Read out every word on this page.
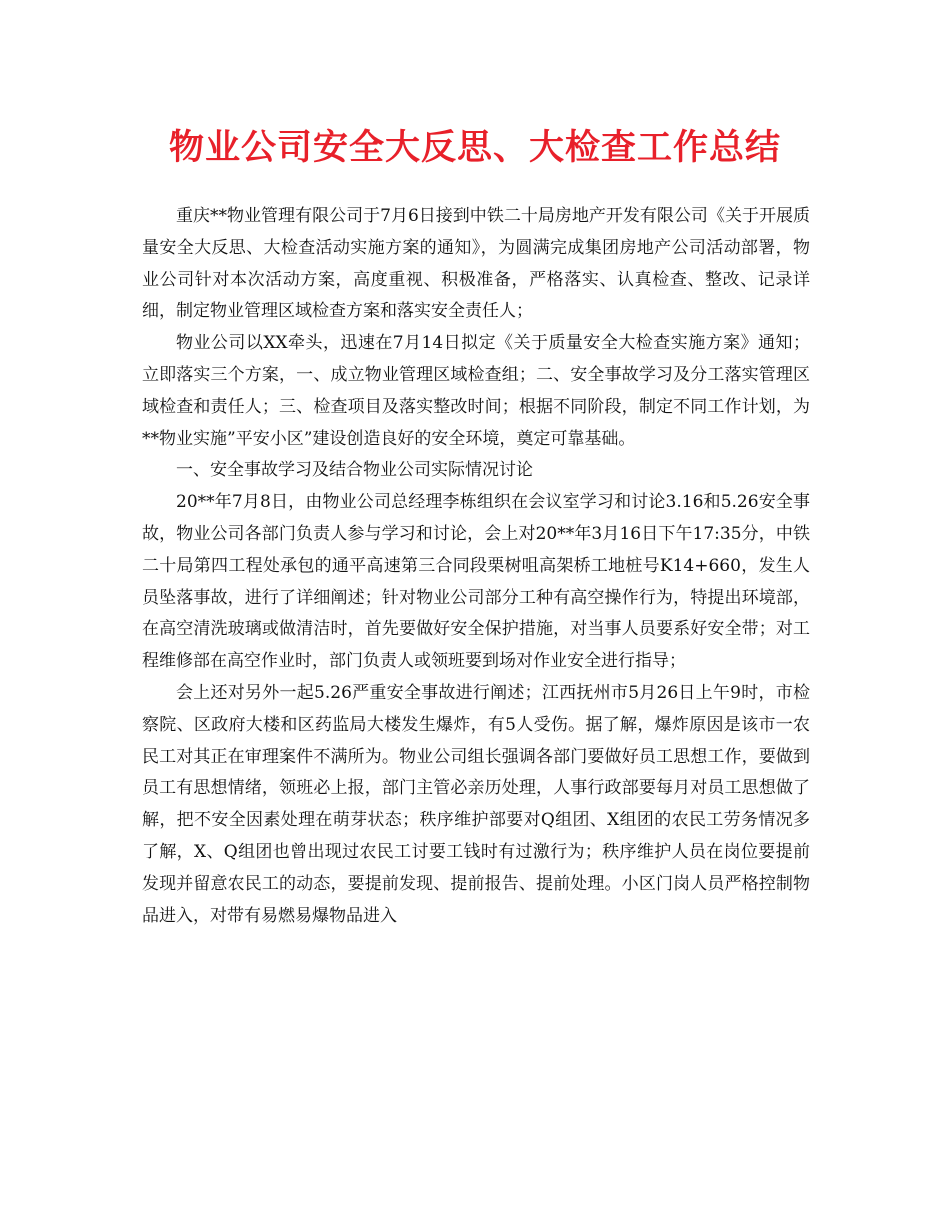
物业公司安全大反思、大检查工作总结

重庆**物业管理有限公司于7月6日接到中铁二十局房地产开发有限公司《关于开展质量安全大反思、大检查活动实施方案的通知》，为圆满完成集团房地产公司活动部署，物业公司针对本次活动方案，高度重视、积极准备，严格落实、认真检查、整改、记录详细，制定物业管理区域检查方案和落实安全责任人；

物业公司以XX牵头，迅速在7月14日拟定《关于质量安全大检查实施方案》通知；立即落实三个方案，一、成立物业管理区域检查组；二、安全事故学习及分工落实管理区域检查和责任人；三、检查项目及落实整改时间；根据不同阶段，制定不同工作计划，为**物业实施”平安小区”建设创造良好的安全环境，奠定可靠基础。

一、安全事故学习及结合物业公司实际情况讨论

20**年7月8日，由物业公司总经理李栋组织在会议室学习和讨论3.16和5.26安全事故，物业公司各部门负责人参与学习和讨论，会上对20**年3月16日下午17:35分，中铁二十局第四工程处承包的通平高速第三合同段栗树咀高架桥工地桩号K14+660，发生人员坠落事故，进行了详细阐述；针对物业公司部分工种有高空操作行为，特提出环境部，在高空清洗玻璃或做清洁时，首先要做好安全保护措施，对当事人员要系好安全带；对工程维修部在高空作业时，部门负责人或领班要到场对作业安全进行指导；

会上还对另外一起5.26严重安全事故进行阐述；江西抚州市5月26日上午9时，市检察院、区政府大楼和区药监局大楼发生爆炸，有5人受伤。据了解，爆炸原因是该市一农民工对其正在审理案件不满所为。物业公司组长强调各部门要做好员工思想工作，要做到员工有思想情绪，领班必上报，部门主管必亲历处理，人事行政部要每月对员工思想做了解，把不安全因素处理在萌芽状态；秩序维护部要对Q组团、X组团的农民工劳务情况多了解，X、Q组团也曾出现过农民工讨要工钱时有过激行为；秩序维护人员在岗位要提前发现并留意农民工的动态，要提前发现、提前报告、提前处理。小区门岗人员严格控制物品进入，对带有易燃易爆物品进入
